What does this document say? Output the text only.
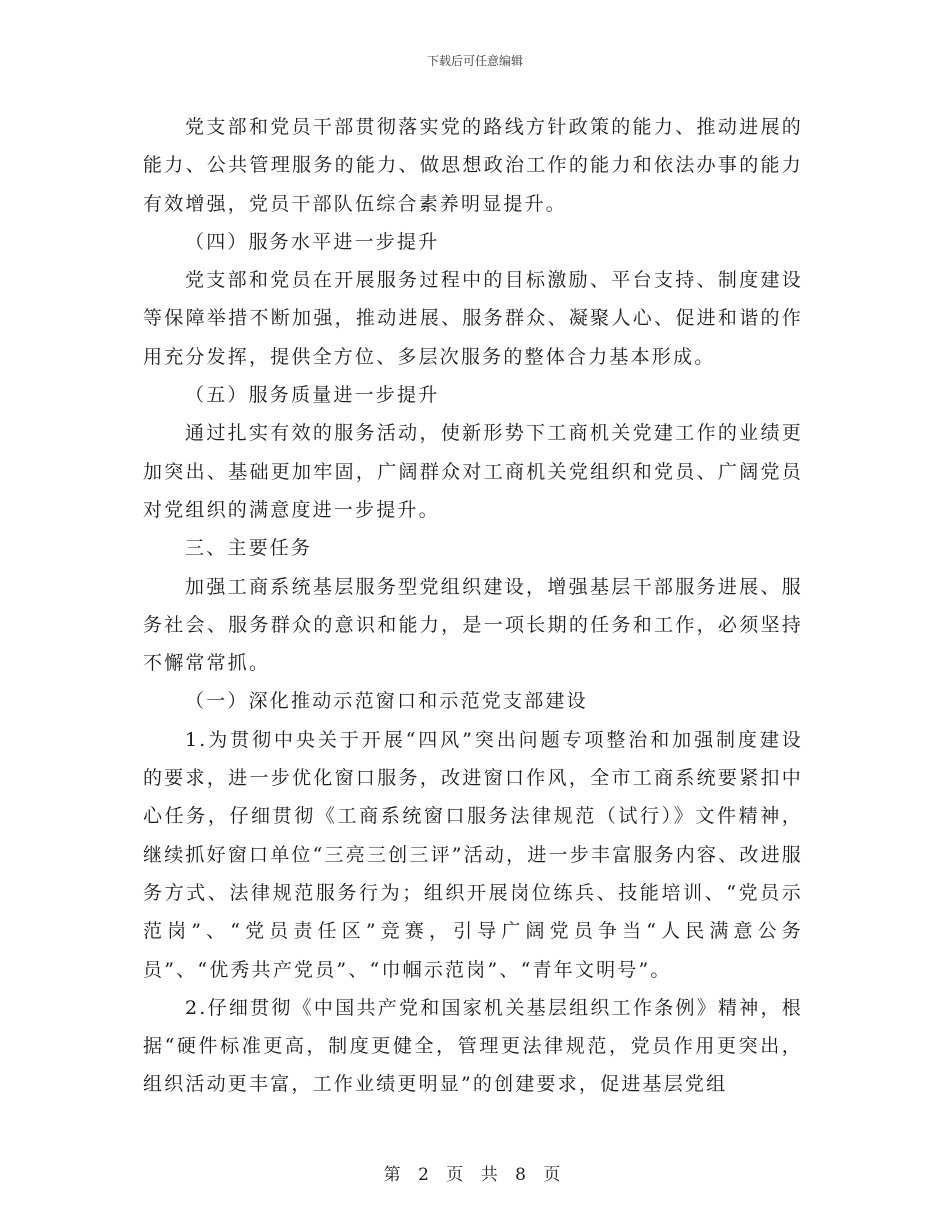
下载后可任意编辑

党支部和党员干部贯彻落实党的路线方针政策的能力、推动进展的能力、公共管理服务的能力、做思想政治工作的能力和依法办事的能力有效增强，党员干部队伍综合素养明显提升。

（四）服务水平进一步提升

党支部和党员在开展服务过程中的目标激励、平台支持、制度建设等保障举措不断加强，推动进展、服务群众、凝聚人心、促进和谐的作用充分发挥，提供全方位、多层次服务的整体合力基本形成。

（五）服务质量进一步提升

通过扎实有效的服务活动，使新形势下工商机关党建工作的业绩更加突出、基础更加牢固，广阔群众对工商机关党组织和党员、广阔党员对党组织的满意度进一步提升。

三、主要任务

加强工商系统基层服务型党组织建设，增强基层干部服务进展、服务社会、服务群众的意识和能力，是一项长期的任务和工作，必须坚持不懈常常抓。

（一）深化推动示范窗口和示范党支部建设

1.为贯彻中央关于开展“四风”突出问题专项整治和加强制度建设的要求，进一步优化窗口服务，改进窗口作风，全市工商系统要紧扣中心任务，仔细贯彻《工商系统窗口服务法律规范（试行）》文件精神，继续抓好窗口单位“三亮三创三评”活动，进一步丰富服务内容、改进服务方式、法律规范服务行为；组织开展岗位练兵、技能培训、“党员示范岗”、“党员责任区”竞赛，引导广阔党员争当“人民满意公务员”、“优秀共产党员”、“巾帼示范岗”、“青年文明号”。

2.仔细贯彻《中国共产党和国家机关基层组织工作条例》精神，根据“硬件标准更高，制度更健全，管理更法律规范，党员作用更突出，组织活动更丰富，工作业绩更明显”的创建要求，促进基层党组

第 2 页 共 8 页
